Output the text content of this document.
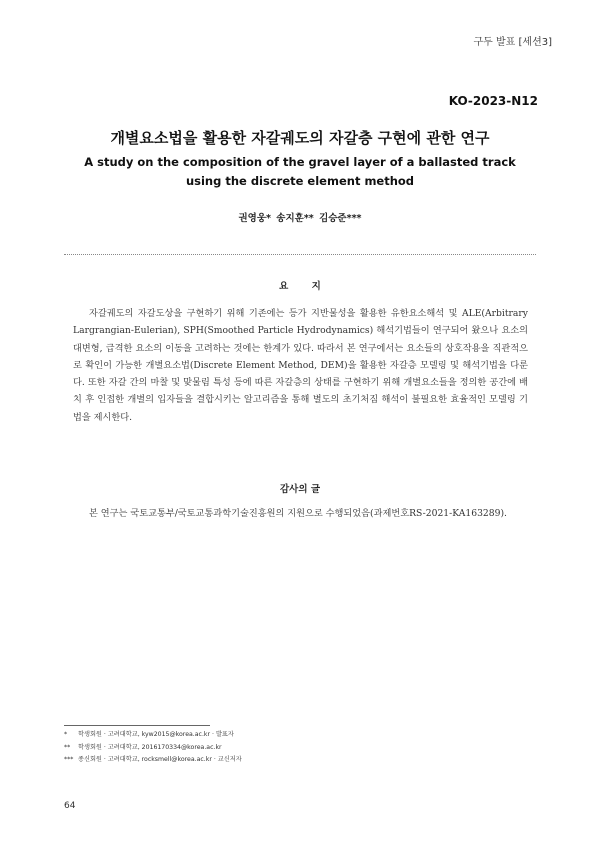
구두 발표 [세션3]
KO-2023-N12
개별요소법을 활용한 자갈궤도의 자갈층 구현에 관한 연구
A study on the composition of the gravel layer of a ballasted track using the discrete element method
권영웅* 송지훈** 김승준***
요 지
자갈궤도의 자갈도상을 구현하기 위해 기존에는 등가 지반물성을 활용한 유한요소해석 및 ALE(Arbitrary Largrangian-Eulerian), SPH(Smoothed Particle Hydrodynamics) 해석기법들이 연구되어 왔으나 요소의 대변형, 급격한 요소의 이동을 고려하는 것에는 한계가 있다. 따라서 본 연구에서는 요소들의 상호작용을 직관적으로 확인이 가능한 개별요소법(Discrete Element Method, DEM)을 활용한 자갈층 모델링 및 해석기법을 다룬다. 또한 자갈 간의 마찰 및 맞물림 특성 등에 따른 자갈층의 상태를 구현하기 위해 개별요소들을 정의한 공간에 배치 후 인접한 개별의 입자들을 결합시키는 알고리즘을 통해 별도의 초기처짐 해석이 불필요한 효율적인 모델링 기법을 제시한다.
감사의 글
본 연구는 국토교통부/국토교통과학기술진흥원의 지원으로 수행되었음(과제번호RS-2021-KA163289).
* 학생회원 · 고려대학교, kyw2015@korea.ac.kr · 발표자
** 학생회원 · 고려대학교, 2016170334@korea.ac.kr
*** 종신회원 · 고려대학교, rocksmell@korea.ac.kr · 교신저자
64
